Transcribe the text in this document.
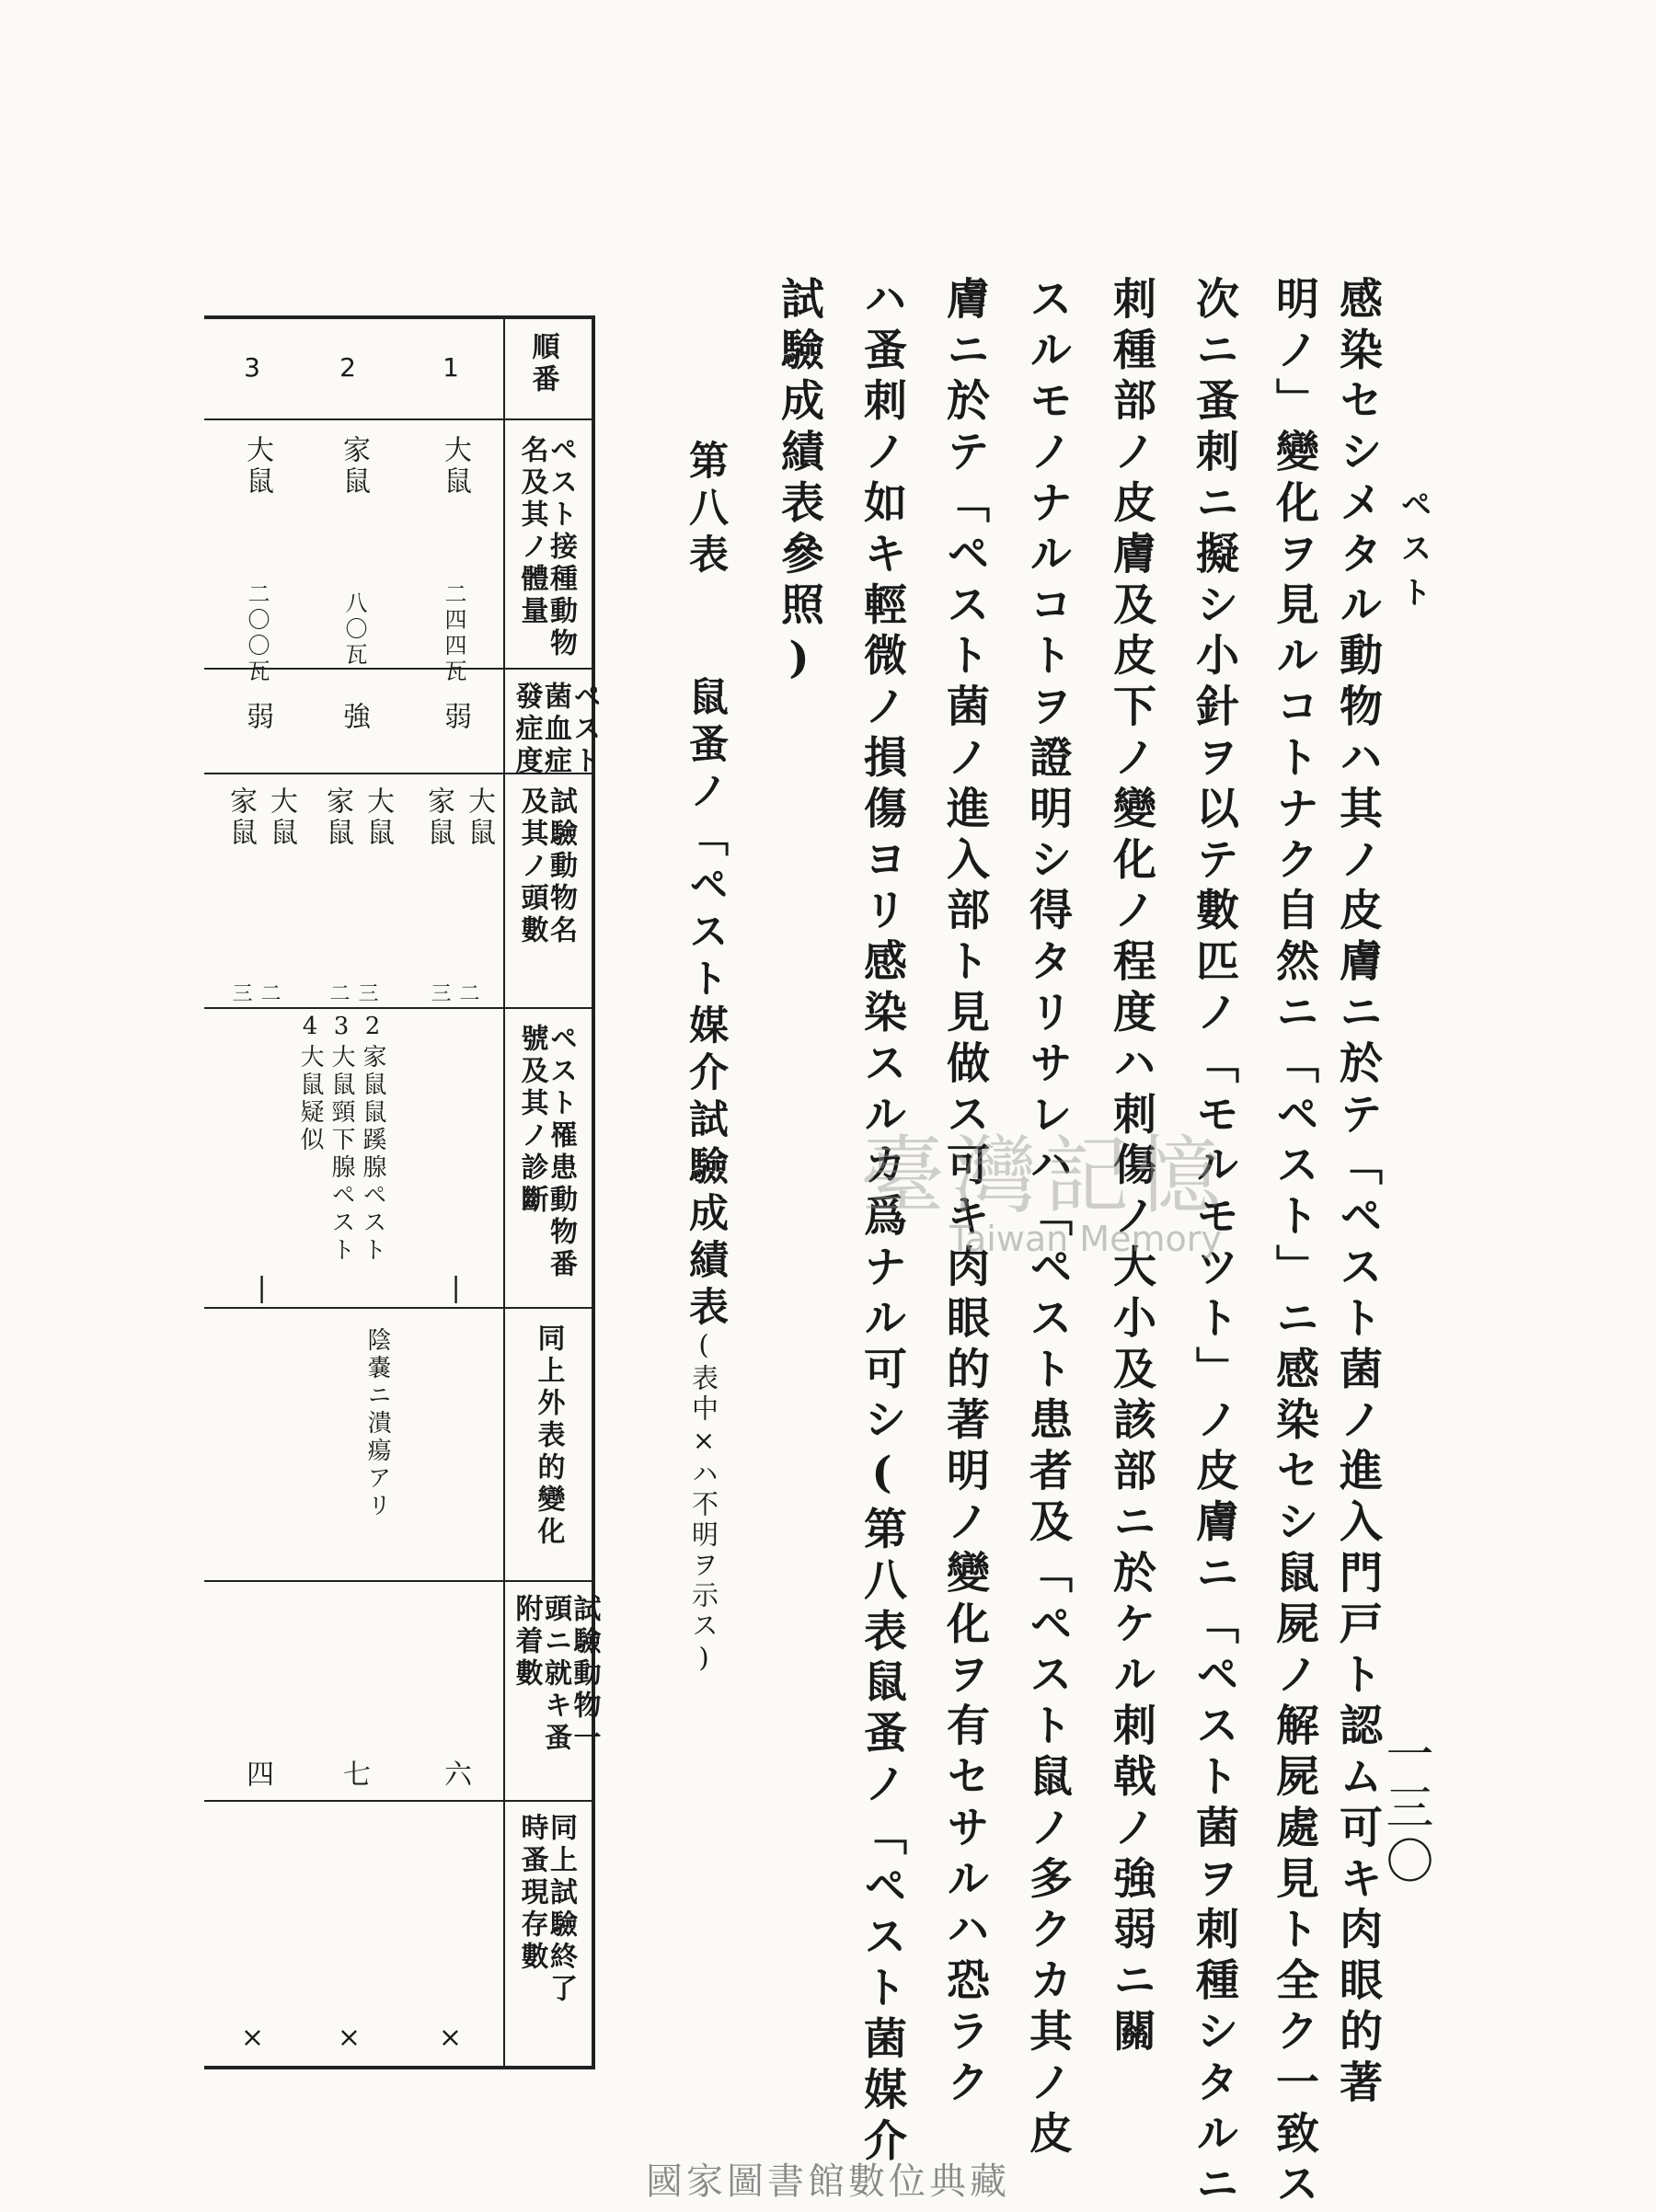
ペスト
一三〇
感染セシメタル動物ハ其ノ皮膚ニ於テ「ペスト菌ノ進入門戸ト認ム可キ肉眼的著
明ノ」變化ヲ見ルコトナク自然ニ「ペスト」ニ感染セシ鼠屍ノ解屍處見ト全ク一致ス
次ニ蚤刺ニ擬シ小針ヲ以テ數匹ノ「モルモツト」ノ皮膚ニ「ペスト菌ヲ刺種シタルニ
刺種部ノ皮膚及皮下ノ變化ノ程度ハ刺傷ノ大小及該部ニ於ケル刺戟ノ強弱ニ關
スルモノナルコトヲ證明シ得タリサレハ「ペスト患者及「ペスト鼠ノ多クカ其ノ皮
膚ニ於テ「ペスト菌ノ進入部ト見做ス可キ肉眼的著明ノ變化ヲ有セサルハ恐ラク
ハ蚤刺ノ如キ輕微ノ損傷ヨリ感染スルカ爲ナル可シ(第八表鼠蚤ノ「ペスト菌媒介
試驗成績表參照)
第八表
鼠蚤ノ「ペスト媒介試驗成績表
(表中×ハ不明ヲ示ス)
順番
ペスト接種動物
名及其ノ體量
ペスト
菌血症
發症度
試驗動物名
及其ノ頭數
ペスト罹患動物番
號及其ノ診斷
同上外表的變化
試驗動物一
頭ニ就キ蚤
附着數
同上試驗終了
時蚤現存數
1
大鼠
二四四瓦
弱
大鼠
家鼠
二
三
|
六
×
2
家鼠
八〇瓦
強
大鼠
家鼠
三
二
2家鼠鼠蹊腺ペスト
3大鼠頸下腺ペスト
4大鼠疑似
陰嚢ニ潰瘍アリ
七
×
3
大鼠
二〇〇瓦
弱
大鼠
家鼠
二
三
|
四
×
臺灣記憶
Taiwan Memory
國家圖書館數位典藏
